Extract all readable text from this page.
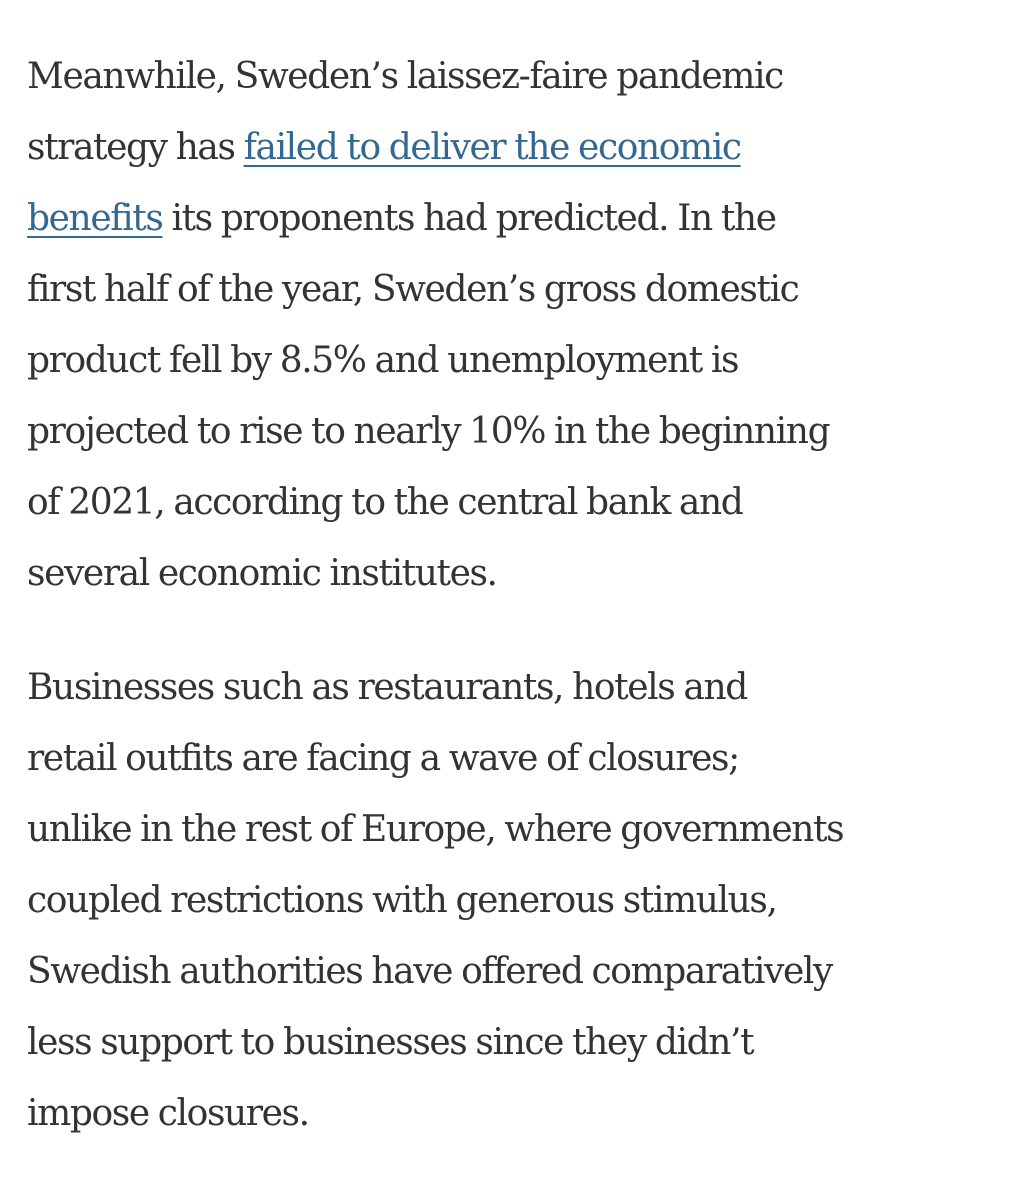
Meanwhile, Sweden’s laissez-faire pandemic
strategy has failed to deliver the economic
benefits its proponents had predicted. In the
first half of the year, Sweden’s gross domestic
product fell by 8.5% and unemployment is
projected to rise to nearly 10% in the beginning
of 2021, according to the central bank and
several economic institutes.

Businesses such as restaurants, hotels and
retail outfits are facing a wave of closures;
unlike in the rest of Europe, where governments
coupled restrictions with generous stimulus,
Swedish authorities have offered comparatively
less support to businesses since they didn’t
impose closures.
